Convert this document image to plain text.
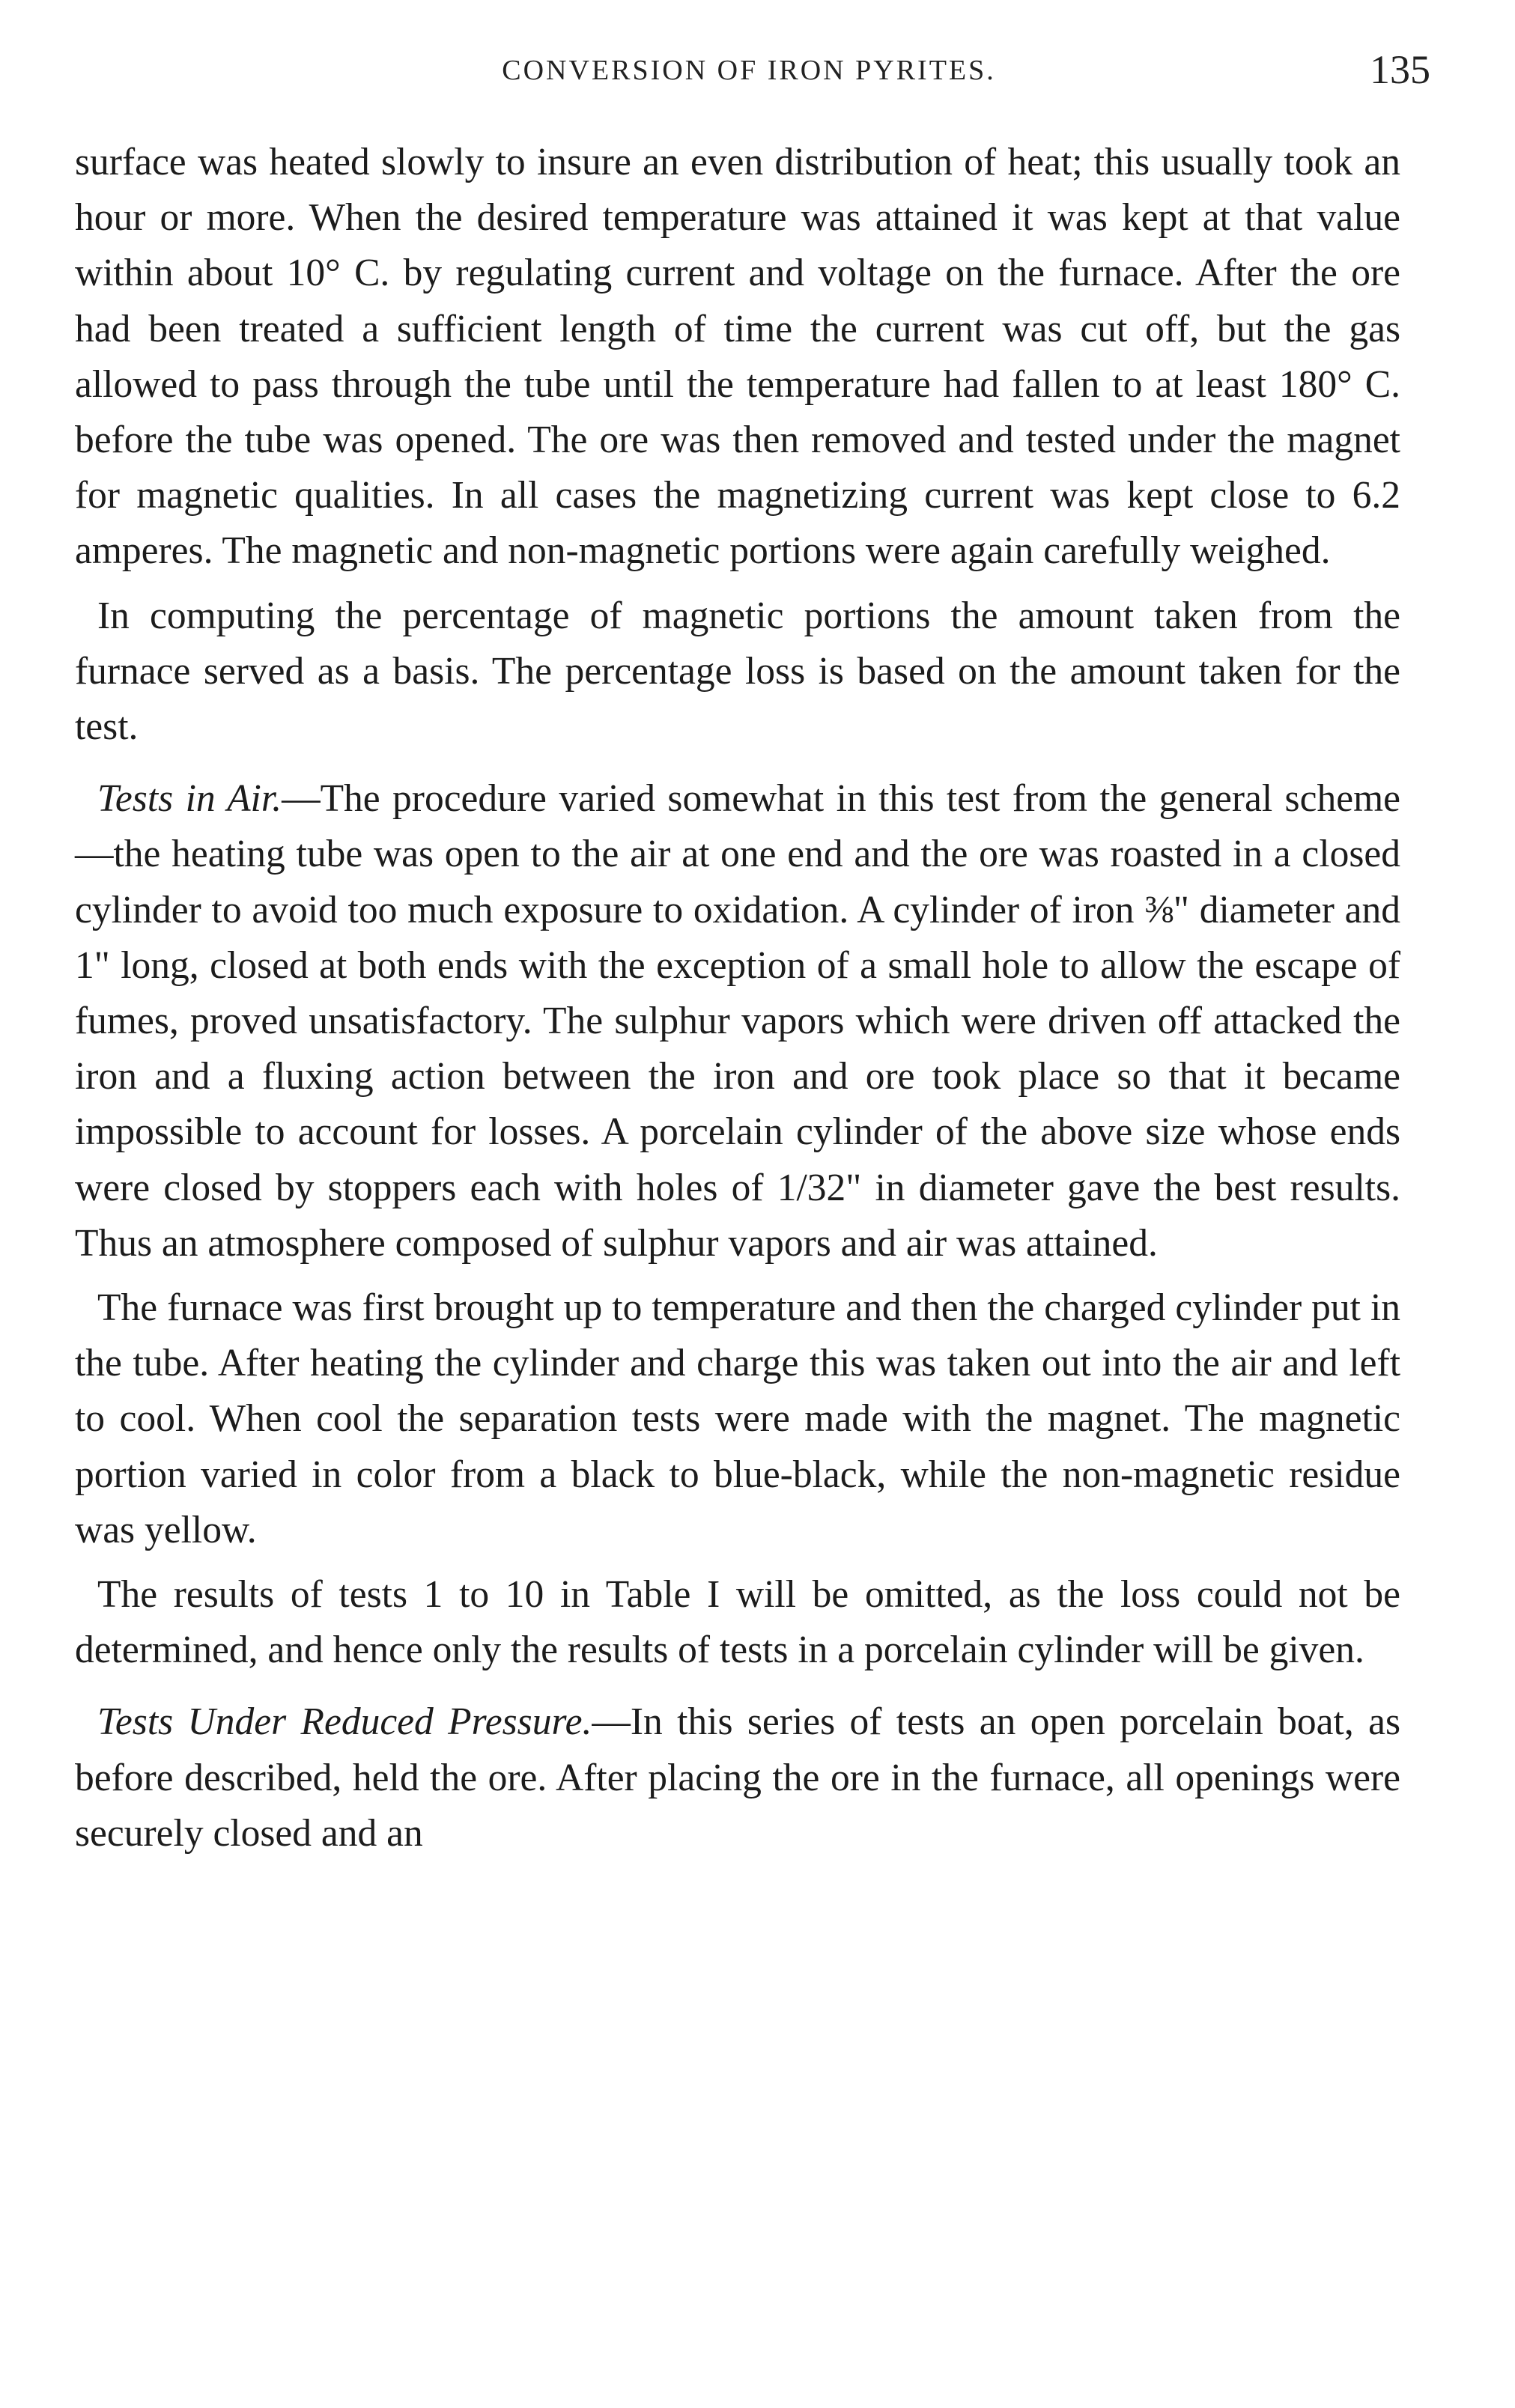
CONVERSION OF IRON PYRITES.	135

surface was heated slowly to insure an even distribution of heat; this usually took an hour or more. When the desired temperature was attained it was kept at that value within about 10° C. by regulating current and voltage on the furnace. After the ore had been treated a sufficient length of time the current was cut off, but the gas allowed to pass through the tube until the temperature had fallen to at least 180° C. before the tube was opened. The ore was then removed and tested under the magnet for magnetic qualities. In all cases the magnetizing current was kept close to 6.2 amperes. The magnetic and non-magnetic portions were again carefully weighed.

In computing the percentage of magnetic portions the amount taken from the furnace served as a basis. The percentage loss is based on the amount taken for the test.

Tests in Air.—The procedure varied somewhat in this test from the general scheme—the heating tube was open to the air at one end and the ore was roasted in a closed cylinder to avoid too much exposure to oxidation. A cylinder of iron ⅜" diameter and 1" long, closed at both ends with the exception of a small hole to allow the escape of fumes, proved unsatisfactory. The sulphur vapors which were driven off attacked the iron and a fluxing action between the iron and ore took place so that it became impossible to account for losses. A porcelain cylinder of the above size whose ends were closed by stoppers each with holes of 1/32" in diameter gave the best results. Thus an atmosphere composed of sulphur vapors and air was attained.

The furnace was first brought up to temperature and then the charged cylinder put in the tube. After heating the cylinder and charge this was taken out into the air and left to cool. When cool the separation tests were made with the magnet. The magnetic portion varied in color from a black to blue-black, while the non-magnetic residue was yellow.

The results of tests 1 to 10 in Table I will be omitted, as the loss could not be determined, and hence only the results of tests in a porcelain cylinder will be given.

Tests Under Reduced Pressure.—In this series of tests an open porcelain boat, as before described, held the ore. After placing the ore in the furnace, all openings were securely closed and an
